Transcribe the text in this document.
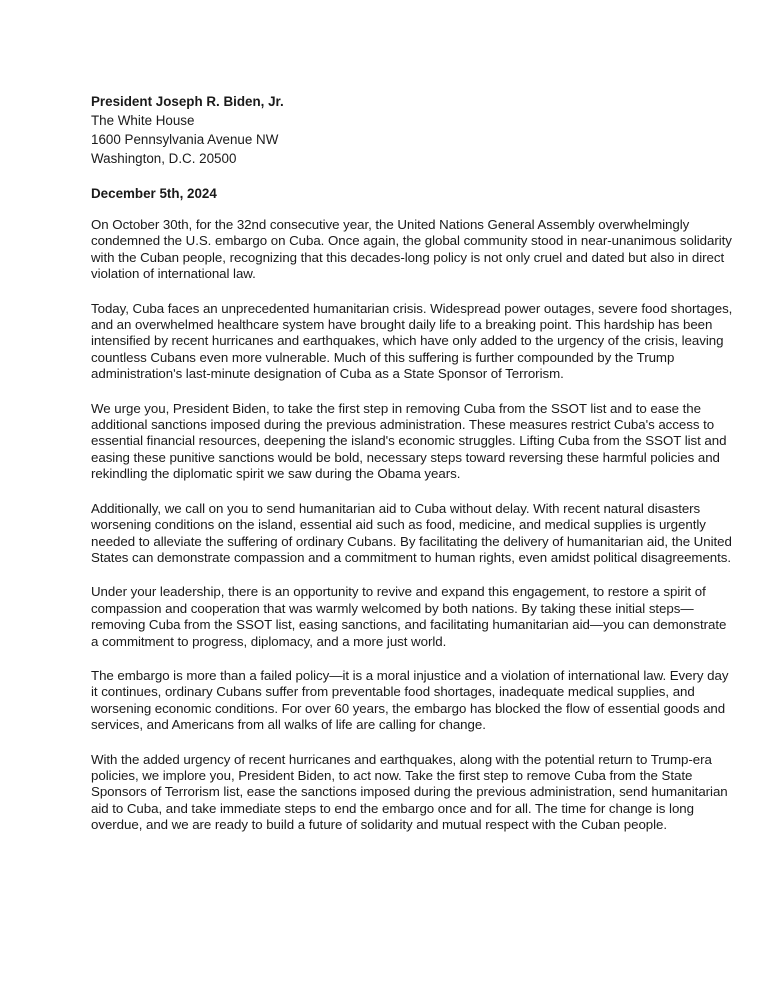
President Joseph R. Biden, Jr.

The White House

1600 Pennsylvania Avenue NW

Washington, D.C. 20500

December 5th, 2024

On October 30th, for the 32nd consecutive year, the United Nations General Assembly overwhelmingly condemned the U.S. embargo on Cuba. Once again, the global community stood in near-unanimous solidarity with the Cuban people, recognizing that this decades-long policy is not only cruel and dated but also in direct violation of international law.

Today, Cuba faces an unprecedented humanitarian crisis. Widespread power outages, severe food shortages, and an overwhelmed healthcare system have brought daily life to a breaking point. This hardship has been intensified by recent hurricanes and earthquakes, which have only added to the urgency of the crisis, leaving countless Cubans even more vulnerable. Much of this suffering is further compounded by the Trump administration's last-minute designation of Cuba as a State Sponsor of Terrorism.

We urge you, President Biden, to take the first step in removing Cuba from the SSOT list and to ease the additional sanctions imposed during the previous administration. These measures restrict Cuba's access to essential financial resources, deepening the island's economic struggles. Lifting Cuba from the SSOT list and easing these punitive sanctions would be bold, necessary steps toward reversing these harmful policies and rekindling the diplomatic spirit we saw during the Obama years.

Additionally, we call on you to send humanitarian aid to Cuba without delay. With recent natural disasters worsening conditions on the island, essential aid such as food, medicine, and medical supplies is urgently needed to alleviate the suffering of ordinary Cubans. By facilitating the delivery of humanitarian aid, the United States can demonstrate compassion and a commitment to human rights, even amidst political disagreements.

Under your leadership, there is an opportunity to revive and expand this engagement, to restore a spirit of compassion and cooperation that was warmly welcomed by both nations. By taking these initial steps—removing Cuba from the SSOT list, easing sanctions, and facilitating humanitarian aid—you can demonstrate a commitment to progress, diplomacy, and a more just world.

The embargo is more than a failed policy—it is a moral injustice and a violation of international law. Every day it continues, ordinary Cubans suffer from preventable food shortages, inadequate medical supplies, and worsening economic conditions. For over 60 years, the embargo has blocked the flow of essential goods and services, and Americans from all walks of life are calling for change.

With the added urgency of recent hurricanes and earthquakes, along with the potential return to Trump-era policies, we implore you, President Biden, to act now. Take the first step to remove Cuba from the State Sponsors of Terrorism list, ease the sanctions imposed during the previous administration, send humanitarian aid to Cuba, and take immediate steps to end the embargo once and for all. The time for change is long overdue, and we are ready to build a future of solidarity and mutual respect with the Cuban people.
